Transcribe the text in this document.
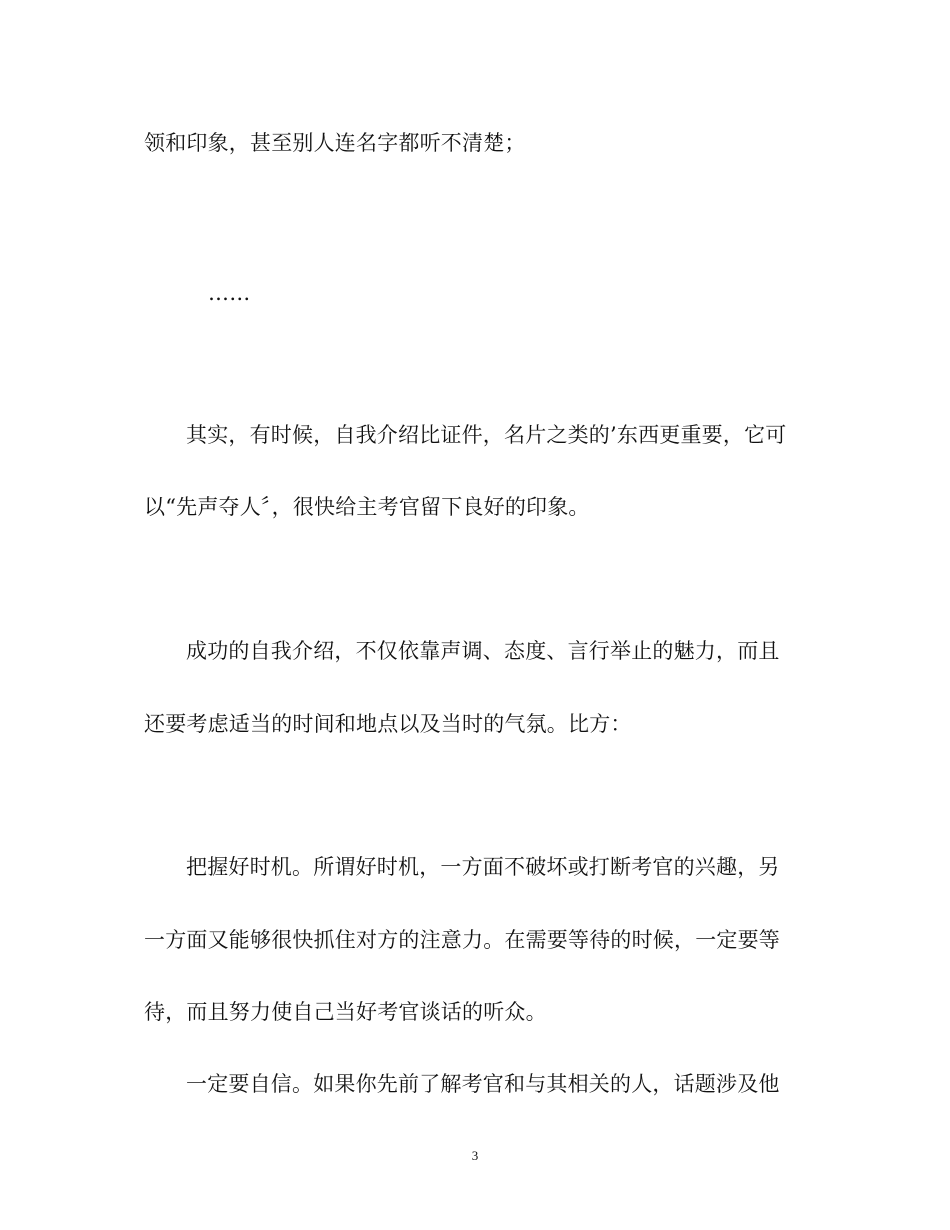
领和印象，甚至别人连名字都听不清楚；
……
其实，有时候，自我介绍比证件，名片之类的’东西更重要，它可
以“先声夺人〞，很快给主考官留下良好的印象。
成功的自我介绍，不仅依靠声调、态度、言行举止的魅力，而且
还要考虑适当的时间和地点以及当时的气氛。比方：
把握好时机。所谓好时机，一方面不破坏或打断考官的兴趣，另
一方面又能够很快抓住对方的注意力。在需要等待的时候，一定要等
待，而且努力使自己当好考官谈话的听众。
一定要自信。如果你先前了解考官和与其相关的人，话题涉及他
3
